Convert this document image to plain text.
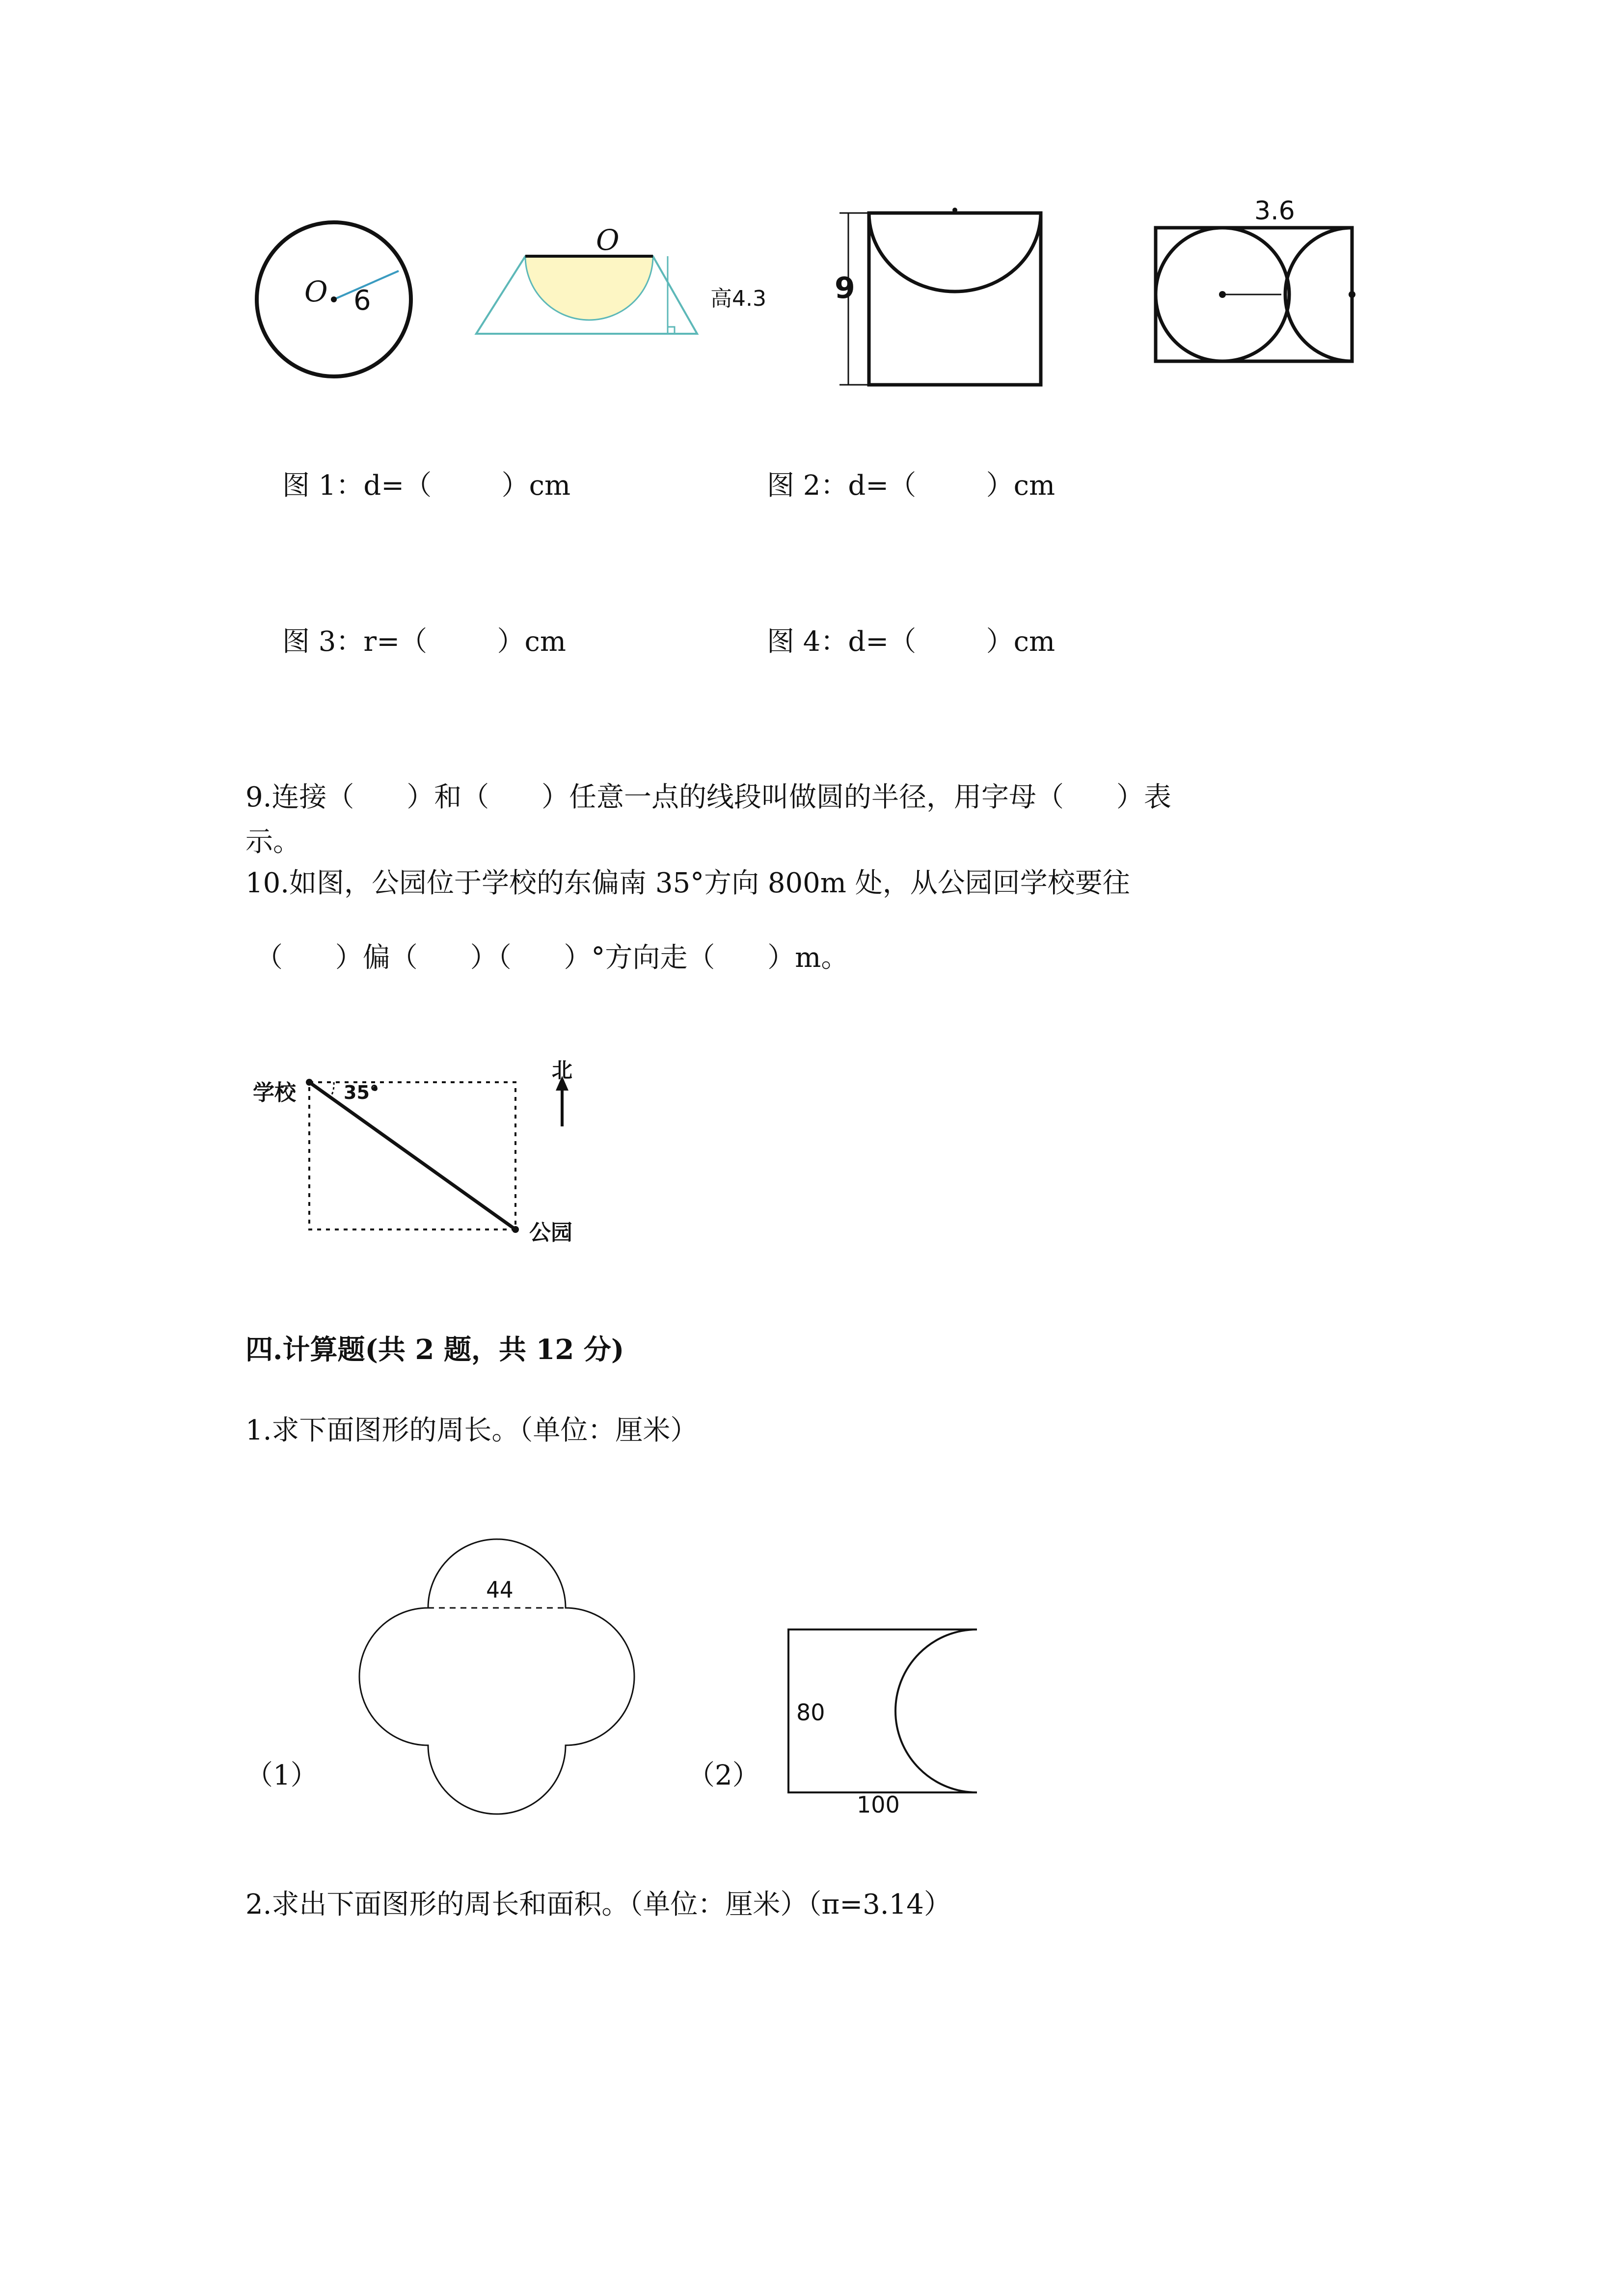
O 6
O
高4.3 9
3.6
图 1：d=（        ）cm	图 2：d=（        ）cm
图 3：r=（        ）cm	图 4：d=（        ）cm
9.连接（      ）和（      ）任意一点的线段叫做圆的半径，用字母（      ）表
示。
10.如图，公园位于学校的东偏南 35°方向 800m 处，从公园回学校要往
（      ）偏（      ）（      ）°方向走（      ）m。
学校	35°
北
公园
四.计算题(共 2 题，共 12 分)
1.求下面图形的周长。（单位：厘米）
（1）
44
（2）
80
100
2.求出下面图形的周长和面积。（单位：厘米）（π=3.14）
